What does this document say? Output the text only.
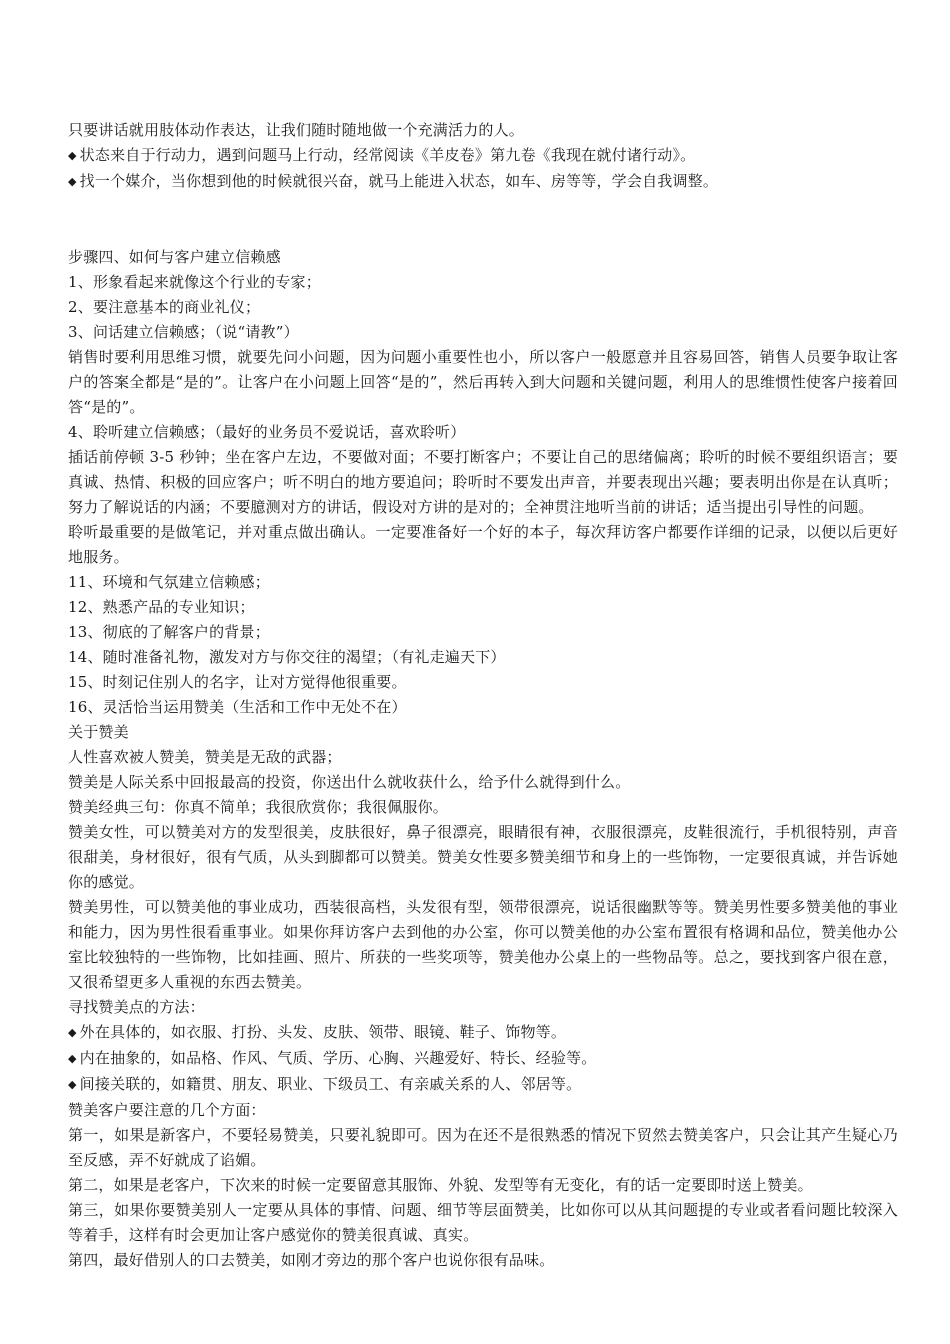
只要讲话就用肢体动作表达，让我们随时随地做一个充满活力的人。
◆ 状态来自于行动力，遇到问题马上行动，经常阅读《羊皮卷》第九卷《我现在就付诸行动》。
◆ 找一个媒介，当你想到他的时候就很兴奋，就马上能进入状态，如车、房等等，学会自我调整。
步骤四、如何与客户建立信赖感
1、形象看起来就像这个行业的专家；
2、要注意基本的商业礼仪；
3、问话建立信赖感；（说“请教”）
销售时要利用思维习惯，就要先问小问题，因为问题小重要性也小，所以客户一般愿意并且容易回答，销售人员要争取让客户的答案全都是“是的”。让客户在小问题上回答“是的”，然后再转入到大问题和关键问题，利用人的思维惯性使客户接着回答“是的”。
4、聆听建立信赖感；（最好的业务员不爱说话，喜欢聆听）
插话前停顿 3-5 秒钟；坐在客户左边，不要做对面；不要打断客户；不要让自己的思绪偏离；聆听的时候不要组织语言；要真诚、热情、积极的回应客户；听不明白的地方要追问；聆听时不要发出声音，并要表现出兴趣；要表明出你是在认真听；努力了解说话的内涵；不要臆测对方的讲话，假设对方讲的是对的；全神贯注地听当前的讲话；适当提出引导性的问题。
聆听最重要的是做笔记，并对重点做出确认。一定要准备好一个好的本子，每次拜访客户都要作详细的记录，以便以后更好地服务。
11、环境和气氛建立信赖感；
12、熟悉产品的专业知识；
13、彻底的了解客户的背景；
14、随时准备礼物，激发对方与你交往的渴望；（有礼走遍天下）
15、时刻记住别人的名字，让对方觉得他很重要。
16、灵活恰当运用赞美（生活和工作中无处不在）
关于赞美
人性喜欢被人赞美，赞美是无敌的武器；
赞美是人际关系中回报最高的投资，你送出什么就收获什么，给予什么就得到什么。
赞美经典三句：你真不简单；我很欣赏你；我很佩服你。
赞美女性，可以赞美对方的发型很美，皮肤很好，鼻子很漂亮，眼睛很有神，衣服很漂亮，皮鞋很流行，手机很特别，声音很甜美，身材很好，很有气质，从头到脚都可以赞美。赞美女性要多赞美细节和身上的一些饰物，一定要很真诚，并告诉她你的感觉。
赞美男性，可以赞美他的事业成功，西装很高档，头发很有型，领带很漂亮，说话很幽默等等。赞美男性要多赞美他的事业和能力，因为男性很看重事业。如果你拜访客户去到他的办公室，你可以赞美他的办公室布置很有格调和品位，赞美他办公室比较独特的一些饰物，比如挂画、照片、所获的一些奖项等，赞美他办公桌上的一些物品等。总之，要找到客户很在意，又很希望更多人重视的东西去赞美。
寻找赞美点的方法：
◆ 外在具体的，如衣服、打扮、头发、皮肤、领带、眼镜、鞋子、饰物等。
◆ 内在抽象的，如品格、作风、气质、学历、心胸、兴趣爱好、特长、经验等。
◆ 间接关联的，如籍贯、朋友、职业、下级员工、有亲戚关系的人、邻居等。
赞美客户要注意的几个方面：
第一，如果是新客户，不要轻易赞美，只要礼貌即可。因为在还不是很熟悉的情况下贸然去赞美客户，只会让其产生疑心乃至反感，弄不好就成了谄媚。
第二，如果是老客户，下次来的时候一定要留意其服饰、外貌、发型等有无变化，有的话一定要即时送上赞美。
第三，如果你要赞美别人一定要从具体的事情、问题、细节等层面赞美，比如你可以从其问题提的专业或者看问题比较深入等着手，这样有时会更加让客户感觉你的赞美很真诚、真实。
第四，最好借别人的口去赞美，如刚才旁边的那个客户也说你很有品味。
